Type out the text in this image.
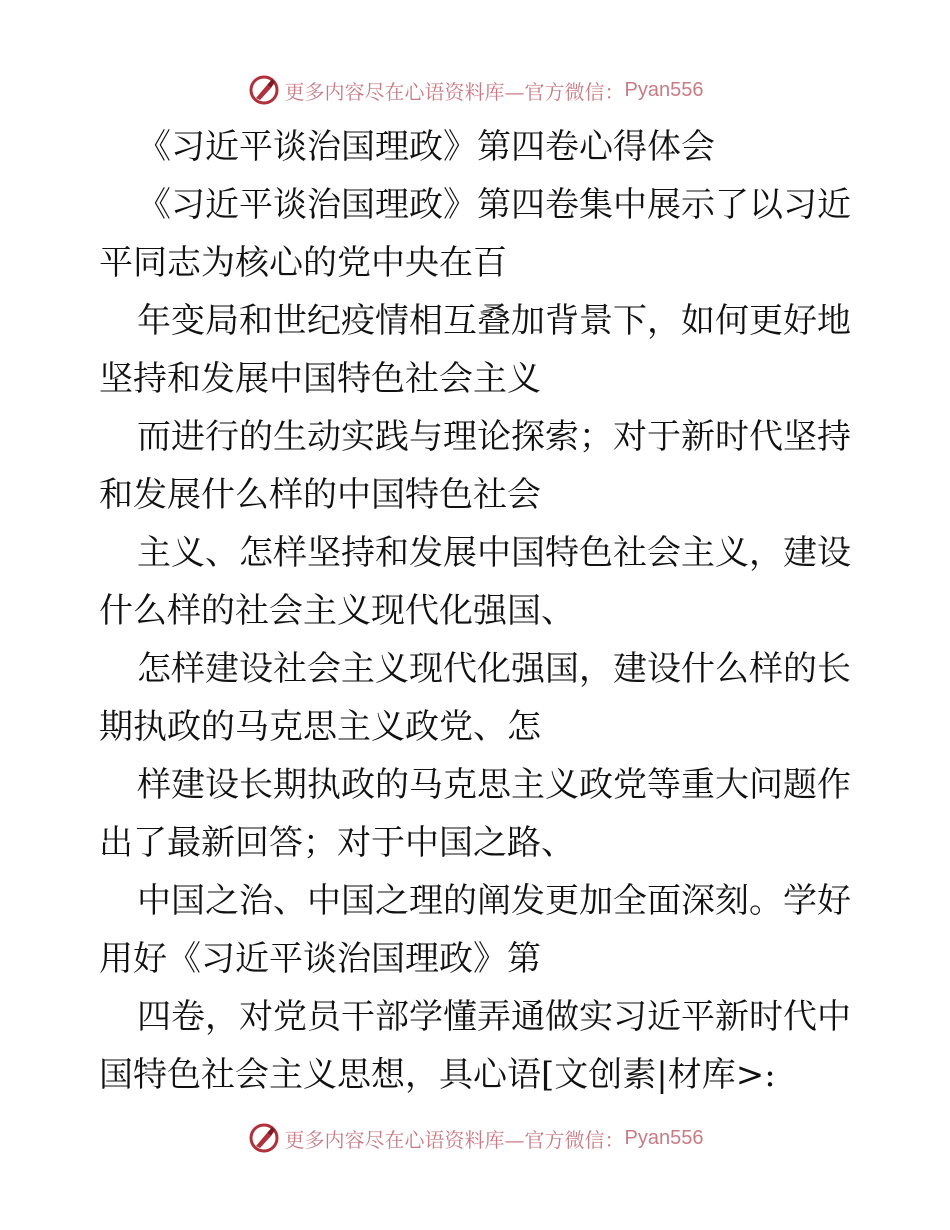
更多内容尽在心语资料库—官方微信： Pyan556
《习近平谈治国理政》第四卷心得体会
《习近平谈治国理政》第四卷集中展示了以习近
平同志为核心的党中央在百
年变局和世纪疫情相互叠加背景下，如何更好地
坚持和发展中国特色社会主义
而进行的生动实践与理论探索；对于新时代坚持
和发展什么样的中国特色社会
主义、怎样坚持和发展中国特色社会主义，建设
什么样的社会主义现代化强国、
怎样建设社会主义现代化强国，建设什么样的长
期执政的马克思主义政党、怎
样建设长期执政的马克思主义政党等重大问题作
出了最新回答；对于中国之路、
中国之治、中国之理的阐发更加全面深刻。学好
用好《习近平谈治国理政》第
四卷，对党员干部学懂弄通做实习近平新时代中
国特色社会主义思想，具心语[文创素|材库>:
更多内容尽在心语资料库—官方微信： Pyan556
